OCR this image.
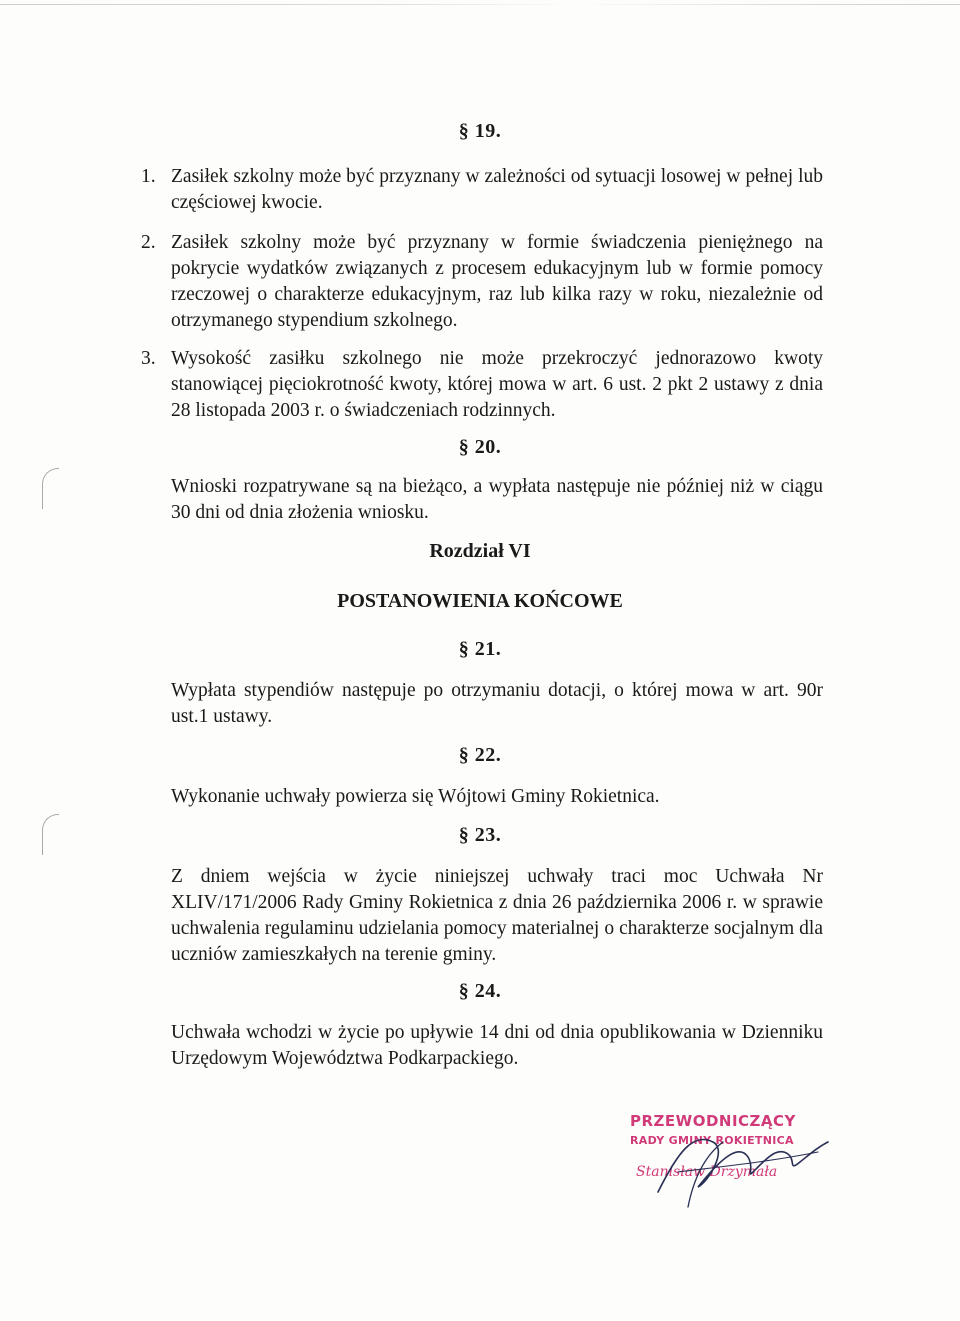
§ 19.
1. Zasiłek szkolny może być przyznany w zależności od sytuacji losowej w pełnej lub częściowej kwocie.
2. Zasiłek szkolny może być przyznany w formie świadczenia pieniężnego na pokrycie wydatków związanych z procesem edukacyjnym lub w formie pomocy rzeczowej o charakterze edukacyjnym, raz lub kilka razy w roku, niezależnie od otrzymanego stypendium szkolnego.
3. Wysokość zasiłku szkolnego nie może przekroczyć jednorazowo kwoty stanowiącej pięciokrotność kwoty, której mowa w art. 6 ust. 2 pkt 2 ustawy z dnia 28 listopada 2003 r. o świadczeniach rodzinnych.
§ 20.
Wnioski rozpatrywane są na bieżąco, a wypłata następuje nie później niż w ciągu 30 dni od dnia złożenia wniosku.
Rozdział VI
POSTANOWIENIA KOŃCOWE
§ 21.
Wypłata stypendiów następuje po otrzymaniu dotacji, o której mowa w art. 90r ust.1 ustawy.
§ 22.
Wykonanie uchwały powierza się Wójtowi Gminy Rokietnica.
§ 23.
Z dniem wejścia w życie niniejszej uchwały traci moc Uchwała Nr XLIV/171/2006 Rady Gminy Rokietnica z dnia 26 października 2006 r. w sprawie uchwalenia regulaminu udzielania pomocy materialnej o charakterze socjalnym dla uczniów zamieszkałych na terenie gminy.
§ 24.
Uchwała wchodzi w życie po upływie 14 dni od dnia opublikowania w Dzienniku Urzędowym Województwa Podkarpackiego.
PRZEWODNICZĄCY
RADY GMINY ROKIETNICA
Stanisław Drzymała
